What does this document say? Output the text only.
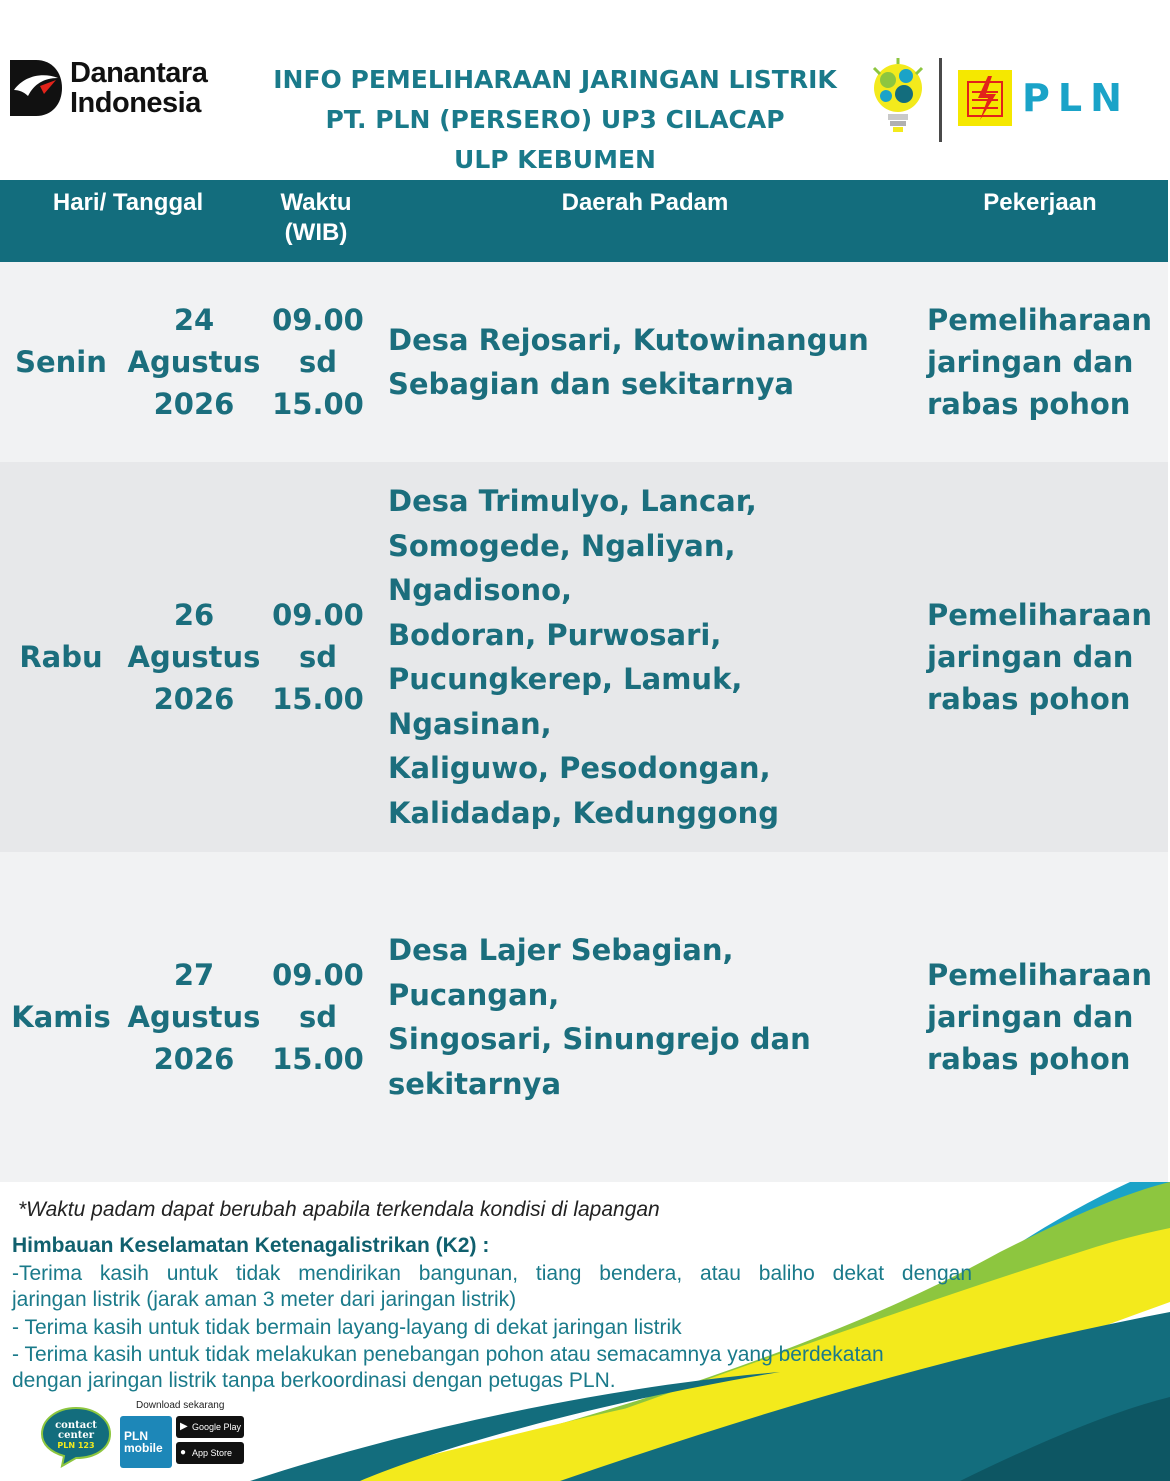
Danantara
Indonesia
INFO PEMELIHARAAN JARINGAN LISTRIK
PT. PLN (PERSERO) UP3 CILACAP
ULP KEBUMEN
PLN
Hari/ Tanggal	Waktu
(WIB)
Daerah Padam	Pekerjaan
Senin
24
Agustus
2026
09.00
sd
15.00
Desa Rejosari, Kutowinangun
Sebagian dan sekitarnya
Pemeliharaan
jaringan dan
rabas pohon
Rabu
26
Agustus
2026
09.00
sd
15.00
Desa Trimulyo, Lancar,
Somogede, Ngaliyan, Ngadisono,
Bodoran, Purwosari,
Pucungkerep, Lamuk, Ngasinan,
Kaliguwo, Pesodongan,
Kalidadap, Kedunggong
Pemeliharaan
jaringan dan
rabas pohon
Kamis
27
Agustus
2026
09.00
sd
15.00
Desa Lajer Sebagian, Pucangan,
Singosari, Sinungrejo dan
sekitarnya
Pemeliharaan
jaringan dan
rabas pohon
*Waktu padam dapat berubah apabila terkendala kondisi di lapangan
Himbauan Keselamatan Ketenagalistrikan (K2) :
-Terima kasih untuk tidak mendirikan bangunan, tiang bendera, atau baliho dekat dengan
jaringan listrik (jarak aman 3 meter dari jaringan listrik)
- Terima kasih untuk tidak bermain layang-layang di dekat jaringan listrik
- Terima kasih untuk tidak melakukan penebangan pohon atau semacamnya yang berdekatan
dengan jaringan listrik tanpa berkoordinasi dengan petugas PLN.
contact
center
PLN 123
Download sekarang
PLN
mobile
▶ Google Play
● App Store
